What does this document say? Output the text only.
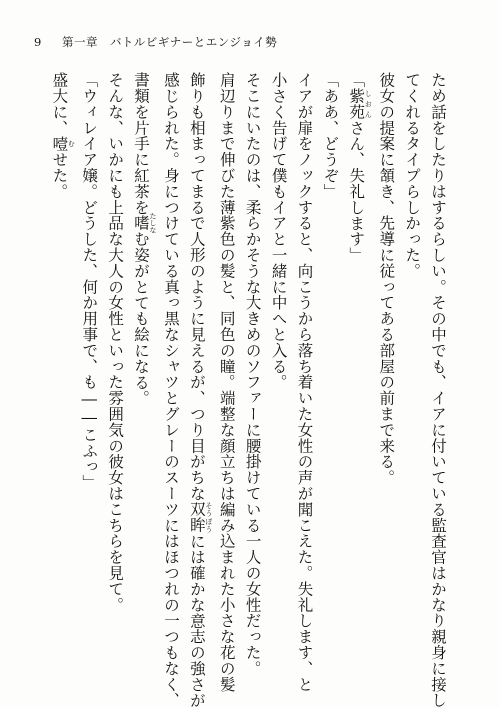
9 第一章　バトルビギナーとエンジョイ勢

ため話をしたりはするらしい。その中でも、イアに付いている監査官はかなり親身に接し

てくれるタイプらしかった。

彼女の提案に頷き、先導に従ってある部屋の前まで来る。

「紫苑 しおんさん、失礼します」

「ああ、どうぞ」

イアが扉をノックすると、向こうから落ち着いた女性の声が聞こえた。失礼します、と

小さく告げて僕もイアと一緒に中へと入る。

そこにいたのは、柔らかそうな大きめのソファーに腰掛けている一人の女性だった。

肩辺りまで伸びた薄紫色の髪と、同色の瞳。端整な顔立ちは編み込まれた小さな花の髪

飾りも相まってまるで人形のように見えるが、つり目がちな双眸 そうぼうには確かな意志の強さが

感じられた。身につけている真っ黒なシャツとグレーのスーツにはほつれの一つもなく、

書類を片手に紅茶を嗜 たしなむ姿がとても絵になる。

そんな、いかにも上品な大人の女性といった雰囲気の彼女はこちらを見て。

「ウィレイア嬢。どうした、何か用事で、も――こふっ」

盛大に、噎 むせた。
